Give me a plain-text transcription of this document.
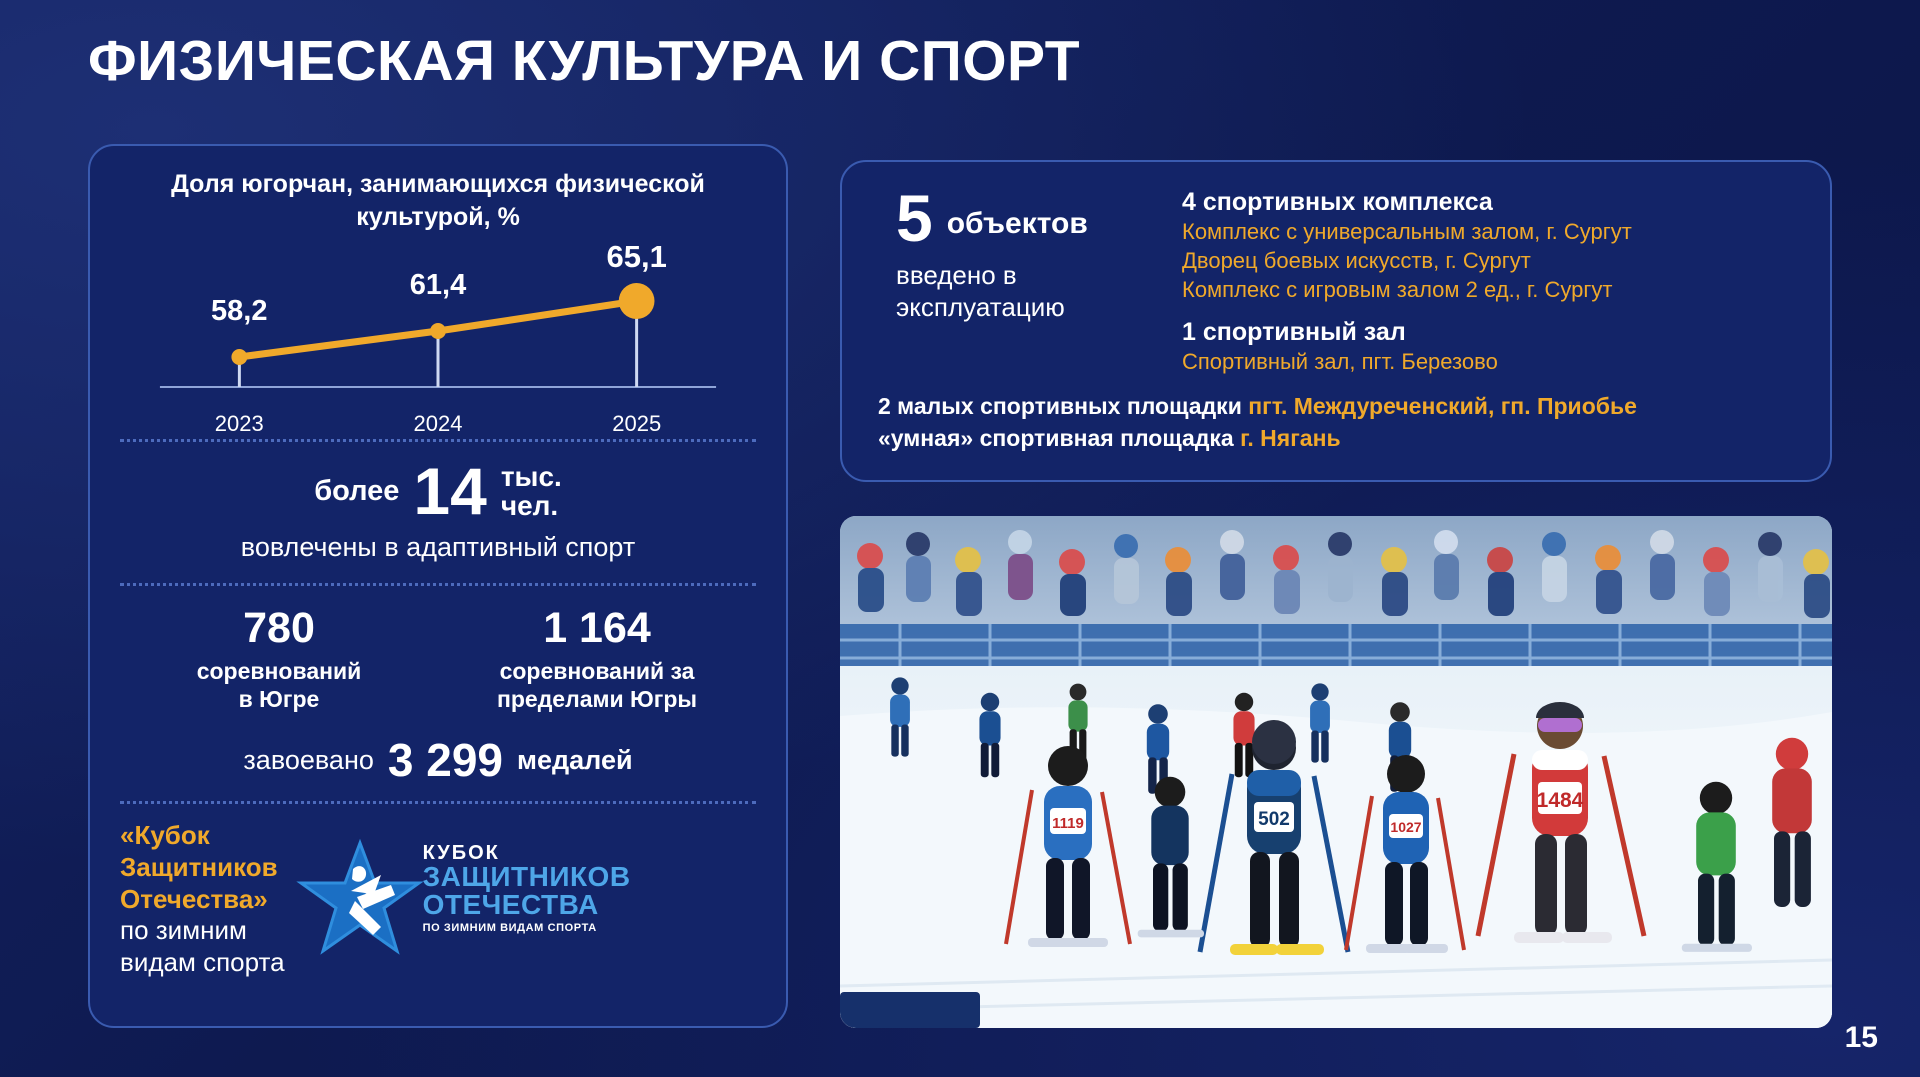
ФИЗИЧЕСКАЯ КУЛЬТУРА И СПОРТ
Доля югорчан, занимающихся физической культурой, %
58,2
61,4
65,1
2023	2024	2025
более 14 тыс.
чел.
вовлечены в адаптивный спорт
780
соревнований
в Югре
1 164
соревнований за
пределами Югры
завоевано 3 299 медалей
«Кубок
Защитников
Отечества»
по зимним
видам спорта
КУБОК
ЗАЩИТНИКОВ
ОТЕЧЕСТВА
ПО ЗИМНИМ ВИДАМ СПОРТА
5 объектов
введено в
эксплуатацию
4 спортивных комплекса
Комплекс с универсальным залом, г. Сургут
Дворец боевых искусств, г. Сургут
Комплекс с игровым залом 2 ед., г. Сургут
1 спортивный зал
Спортивный зал, пгт. Березово
2 малых спортивных площадки пгт. Междуреченский, гп. Приобье
«умная» спортивная площадка г. Нягань
1119	502	1027
1484
15
